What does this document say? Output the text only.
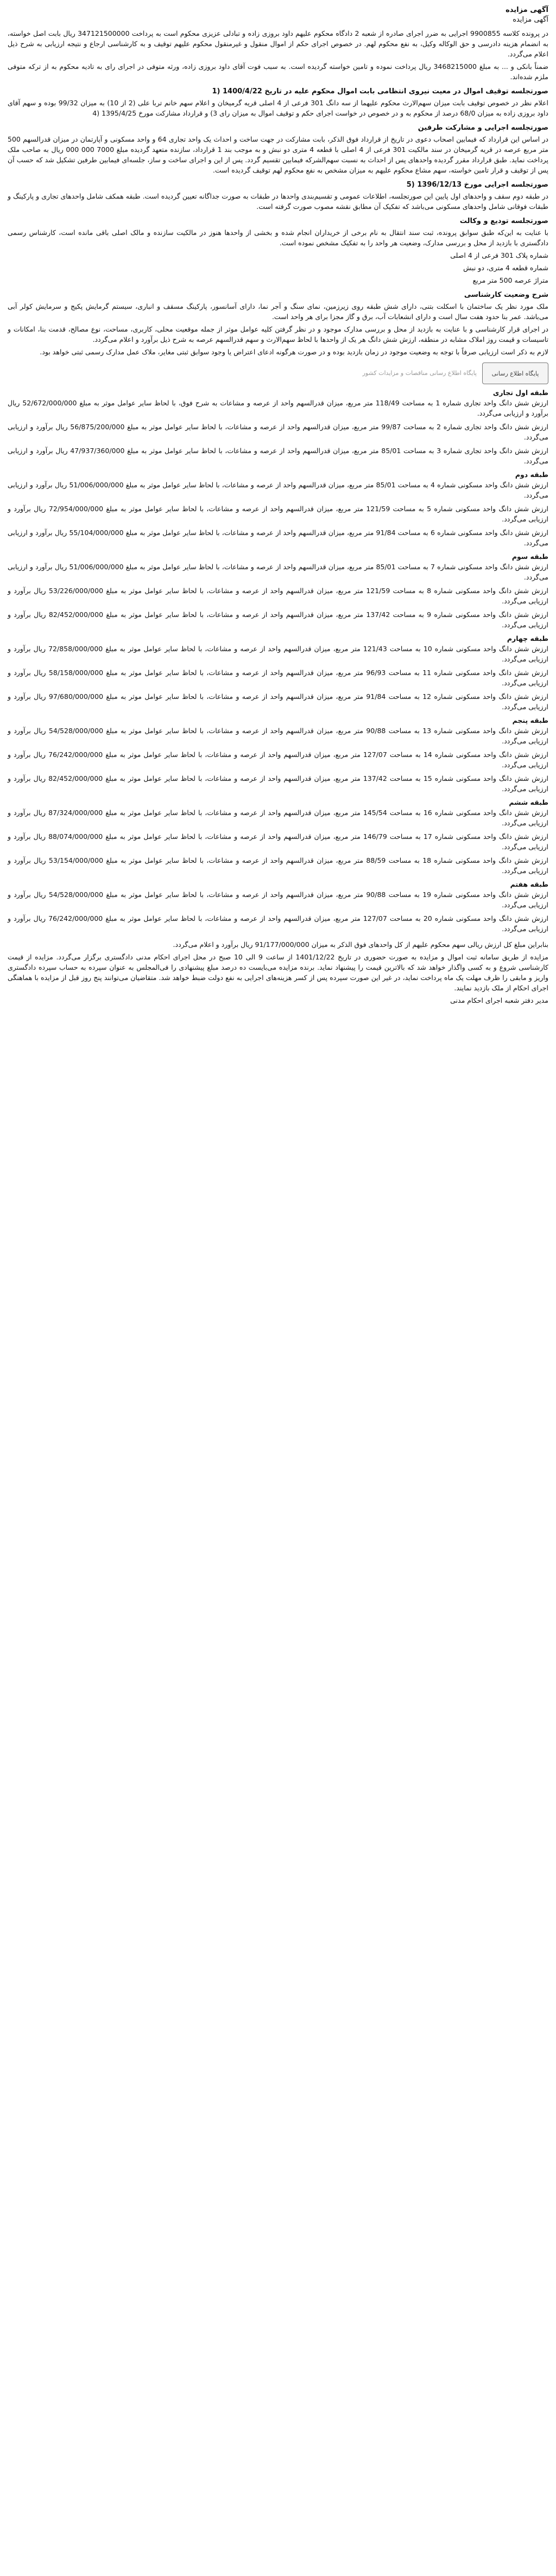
آگهی مزایده

آگهی مزایده

در پرونده کلاسه 9900855 اجرایی به ضرر اجرای صادره از شعبه 2 دادگاه محکوم علیهم داود بروزی زاده و تبادلی عزیزی محکوم است به پرداخت 347121500000 ریال بابت اصل خواسته، به انضمام هزینه دادرسی و حق الوکاله وکیل، به نفع محکوم لهم. در خصوص اجرای حکم از اموال منقول و غیرمنقول محکوم علیهم توقیف و به کارشناسی ارجاع و نتیجه ارزیابی به شرح ذیل اعلام می‌گردد.

ضمناً بانکی و ... به مبلغ 3468215000 ریال پرداخت نموده و تامین خواسته گردیده است. به سبب فوت آقای داود بروزی زاده، ورثه متوفی در اجرای رای به تادیه محکوم به از ترکه متوفی ملزم شده‌اند.

صورتجلسه توقیف اموال در معیت نیروی انتظامی بابت اموال محکوم علیه در تاریخ 1400/4/22 (1

اعلام نظر در خصوص توقیف بابت میزان سهم‌الارث محکوم علیهما از سه دانگ 301 فرعی از 4 اصلی قریه گرمیخان و اعلام سهم خانم تربا علی (2 از 10) به میزان 99/32 بوده و سهم آقای داود بروزی زاده به میزان 68/0 درصد از محکوم به و در خصوص در خواست اجرای حکم و توقیف اموال به میزان رای 3) و قرارداد مشارکت مورخ 1395/4/25 (4

صورتجلسه اجرایی و مشارکت طرفین

در اساس این قرارداد که فیمابین اصحاب دعوی در تاریخ از قرارداد فوق الذکر، بابت مشارکت در جهت ساخت و احداث یک واحد تجاری 64 و واحد مسکونی و آپارتمان در میزان قدرالسهم 500 متر مربع عرصه در قریه گرمیخان در سند مالکیت 301 فرعی از 4 اصلی با قطعه 4 متری دو نبش و به موجب بند 1 قرارداد، سازنده متعهد گردیده مبلغ 7000 000 000 ریال به صاحب ملک پرداخت نماید. طبق قرارداد مقرر گردیده واحدهای پس از احداث به نسبت سهم‌الشرکه فیمابین تقسیم گردد. پس از این و اجرای ساخت و ساز، جلسه‌ای فیمابین طرفین تشکیل شد که حسب آن پس از توقیف و قرار تامین خواسته، سهم مشاع محکوم علیهم به میزان مشخص به نفع محکوم لهم توقیف گردیده است.

صورتجلسه اجرایی مورخ 1396/12/13 (5

در طبقه دوم سقف و واحدهای اول پایین این صورتجلسه، اطلاعات عمومی و تقسیم‌بندی واحدها در طبقات به صورت جداگانه تعیین گردیده است. طبقه همکف شامل واحدهای تجاری و پارکینگ و طبقات فوقانی شامل واحدهای مسکونی می‌باشد که تفکیک آن مطابق نقشه مصوب صورت گرفته است.

صورتجلسه تودیع و وکالت

با عنایت به این‌که طبق سوابق پرونده، ثبت سند انتقال به نام برخی از خریداران انجام شده و بخشی از واحدها هنوز در مالکیت سازنده و مالک اصلی باقی مانده است، کارشناس رسمی دادگستری با بازدید از محل و بررسی مدارک، وضعیت هر واحد را به تفکیک مشخص نموده است.

شماره پلاک 301 فرعی از 4 اصلی

شماره قطعه 4 متری، دو نبش

متراژ عرصه 500 متر مربع

شرح وضعیت کارشناسی

ملک مورد نظر یک ساختمان با اسکلت بتنی، دارای شش طبقه روی زیرزمین، نمای سنگ و آجر نما، دارای آسانسور، پارکینگ مسقف و انباری، سیستم گرمایش پکیج و سرمایش کولر آبی می‌باشد. عمر بنا حدود هفت سال است و دارای انشعابات آب، برق و گاز مجزا برای هر واحد است.

در اجرای قرار کارشناسی و با عنایت به بازدید از محل و بررسی مدارک موجود و در نظر گرفتن کلیه عوامل موثر از جمله موقعیت محلی، کاربری، مساحت، نوع مصالح، قدمت بنا، امکانات و تاسیسات و قیمت روز املاک مشابه در منطقه، ارزش شش دانگ هر یک از واحدها با لحاظ سهم‌الارث و سهم قدرالسهم عرصه به شرح ذیل برآورد و اعلام می‌گردد.

لازم به ذکر است ارزیابی صرفاً با توجه به وضعیت موجود در زمان بازدید بوده و در صورت هرگونه ادعای اعتراض یا وجود سوابق ثبتی مغایر، ملاک عمل مدارک رسمی ثبتی خواهد بود.

پایگاه اطلاع رسانی
پایگاه اطلاع رسانی مناقصات و مزایدات کشور

طبقه اول تجاری

ارزش شش دانگ واحد تجاری شماره 1 به مساحت 118/49 متر مربع، میزان قدرالسهم واحد از عرصه و مشاعات به شرح فوق، با لحاظ سایر عوامل موثر به مبلغ 52/672/000/000 ریال برآورد و ارزیابی می‌گردد.

ارزش شش دانگ واحد تجاری شماره 2 به مساحت 99/87 متر مربع، میزان قدرالسهم واحد از عرصه و مشاعات، با لحاظ سایر عوامل موثر به مبلغ 56/875/200/000 ریال برآورد و ارزیابی می‌گردد.

ارزش شش دانگ واحد تجاری شماره 3 به مساحت 85/01 متر مربع، میزان قدرالسهم واحد از عرصه و مشاعات، با لحاظ سایر عوامل موثر به مبلغ 47/937/360/000 ریال برآورد و ارزیابی می‌گردد.

طبقه دوم

ارزش شش دانگ واحد مسکونی شماره 4 به مساحت 85/01 متر مربع، میزان قدرالسهم واحد از عرصه و مشاعات، با لحاظ سایر عوامل موثر به مبلغ 51/006/000/000 ریال برآورد و ارزیابی می‌گردد.

ارزش شش دانگ واحد مسکونی شماره 5 به مساحت 121/59 متر مربع، میزان قدرالسهم واحد از عرصه و مشاعات، با لحاظ سایر عوامل موثر به مبلغ 72/954/000/000 ریال برآورد و ارزیابی می‌گردد.

ارزش شش دانگ واحد مسکونی شماره 6 به مساحت 91/84 متر مربع، میزان قدرالسهم واحد از عرصه و مشاعات، با لحاظ سایر عوامل موثر به مبلغ 55/104/000/000 ریال برآورد و ارزیابی می‌گردد.

طبقه سوم

ارزش شش دانگ واحد مسکونی شماره 7 به مساحت 85/01 متر مربع، میزان قدرالسهم واحد از عرصه و مشاعات، با لحاظ سایر عوامل موثر به مبلغ 51/006/000/000 ریال برآورد و ارزیابی می‌گردد.

ارزش شش دانگ واحد مسکونی شماره 8 به مساحت 121/59 متر مربع، میزان قدرالسهم واحد از عرصه و مشاعات، با لحاظ سایر عوامل موثر به مبلغ 53/226/000/000 ریال برآورد و ارزیابی می‌گردد.

ارزش شش دانگ واحد مسکونی شماره 9 به مساحت 137/42 متر مربع، میزان قدرالسهم واحد از عرصه و مشاعات، با لحاظ سایر عوامل موثر به مبلغ 82/452/000/000 ریال برآورد و ارزیابی می‌گردد.

طبقه چهارم

ارزش شش دانگ واحد مسکونی شماره 10 به مساحت 121/43 متر مربع، میزان قدرالسهم واحد از عرصه و مشاعات، با لحاظ سایر عوامل موثر به مبلغ 72/858/000/000 ریال برآورد و ارزیابی می‌گردد.

ارزش شش دانگ واحد مسکونی شماره 11 به مساحت 96/93 متر مربع، میزان قدرالسهم واحد از عرصه و مشاعات، با لحاظ سایر عوامل موثر به مبلغ 58/158/000/000 ریال برآورد و ارزیابی می‌گردد.

ارزش شش دانگ واحد مسکونی شماره 12 به مساحت 91/84 متر مربع، میزان قدرالسهم واحد از عرصه و مشاعات، با لحاظ سایر عوامل موثر به مبلغ 97/680/000/000 ریال برآورد و ارزیابی می‌گردد.

طبقه پنجم

ارزش شش دانگ واحد مسکونی شماره 13 به مساحت 90/88 متر مربع، میزان قدرالسهم واحد از عرصه و مشاعات، با لحاظ سایر عوامل موثر به مبلغ 54/528/000/000 ریال برآورد و ارزیابی می‌گردد.

ارزش شش دانگ واحد مسکونی شماره 14 به مساحت 127/07 متر مربع، میزان قدرالسهم واحد از عرصه و مشاعات، با لحاظ سایر عوامل موثر به مبلغ 76/242/000/000 ریال برآورد و ارزیابی می‌گردد.

ارزش شش دانگ واحد مسکونی شماره 15 به مساحت 137/42 متر مربع، میزان قدرالسهم واحد از عرصه و مشاعات، با لحاظ سایر عوامل موثر به مبلغ 82/452/000/000 ریال برآورد و ارزیابی می‌گردد.

طبقه ششم

ارزش شش دانگ واحد مسکونی شماره 16 به مساحت 145/54 متر مربع، میزان قدرالسهم واحد از عرصه و مشاعات، با لحاظ سایر عوامل موثر به مبلغ 87/324/000/000 ریال برآورد و ارزیابی می‌گردد.

ارزش شش دانگ واحد مسکونی شماره 17 به مساحت 146/79 متر مربع، میزان قدرالسهم واحد از عرصه و مشاعات، با لحاظ سایر عوامل موثر به مبلغ 88/074/000/000 ریال برآورد و ارزیابی می‌گردد.

ارزش شش دانگ واحد مسکونی شماره 18 به مساحت 88/59 متر مربع، میزان قدرالسهم واحد از عرصه و مشاعات، با لحاظ سایر عوامل موثر به مبلغ 53/154/000/000 ریال برآورد و ارزیابی می‌گردد.

طبقه هفتم

ارزش شش دانگ واحد مسکونی شماره 19 به مساحت 90/88 متر مربع، میزان قدرالسهم واحد از عرصه و مشاعات، با لحاظ سایر عوامل موثر به مبلغ 54/528/000/000 ریال برآورد و ارزیابی می‌گردد.

ارزش شش دانگ واحد مسکونی شماره 20 به مساحت 127/07 متر مربع، میزان قدرالسهم واحد از عرصه و مشاعات، با لحاظ سایر عوامل موثر به مبلغ 76/242/000/000 ریال برآورد و ارزیابی می‌گردد.

بنابراین مبلغ کل ارزش ریالی سهم محکوم علیهم از کل واحدهای فوق الذکر به میزان 91/177/000/000 ریال برآورد و اعلام می‌گردد.

مزایده از طریق سامانه ثبت اموال و مزایده به صورت حضوری در تاریخ 1401/12/22 از ساعت 9 الی 10 صبح در محل اجرای احکام مدنی دادگستری برگزار می‌گردد. مزایده از قیمت کارشناسی شروع و به کسی واگذار خواهد شد که بالاترین قیمت را پیشنهاد نماید. برنده مزایده می‌بایست ده درصد مبلغ پیشنهادی را فی‌المجلس به عنوان سپرده به حساب سپرده دادگستری واریز و مابقی را ظرف مهلت یک ماه پرداخت نماید، در غیر این صورت سپرده پس از کسر هزینه‌های اجرایی به نفع دولت ضبط خواهد شد. متقاضیان می‌توانند پنج روز قبل از مزایده با هماهنگی اجرای احکام از ملک بازدید نمایند.

مدیر دفتر شعبه اجرای احکام مدنی
